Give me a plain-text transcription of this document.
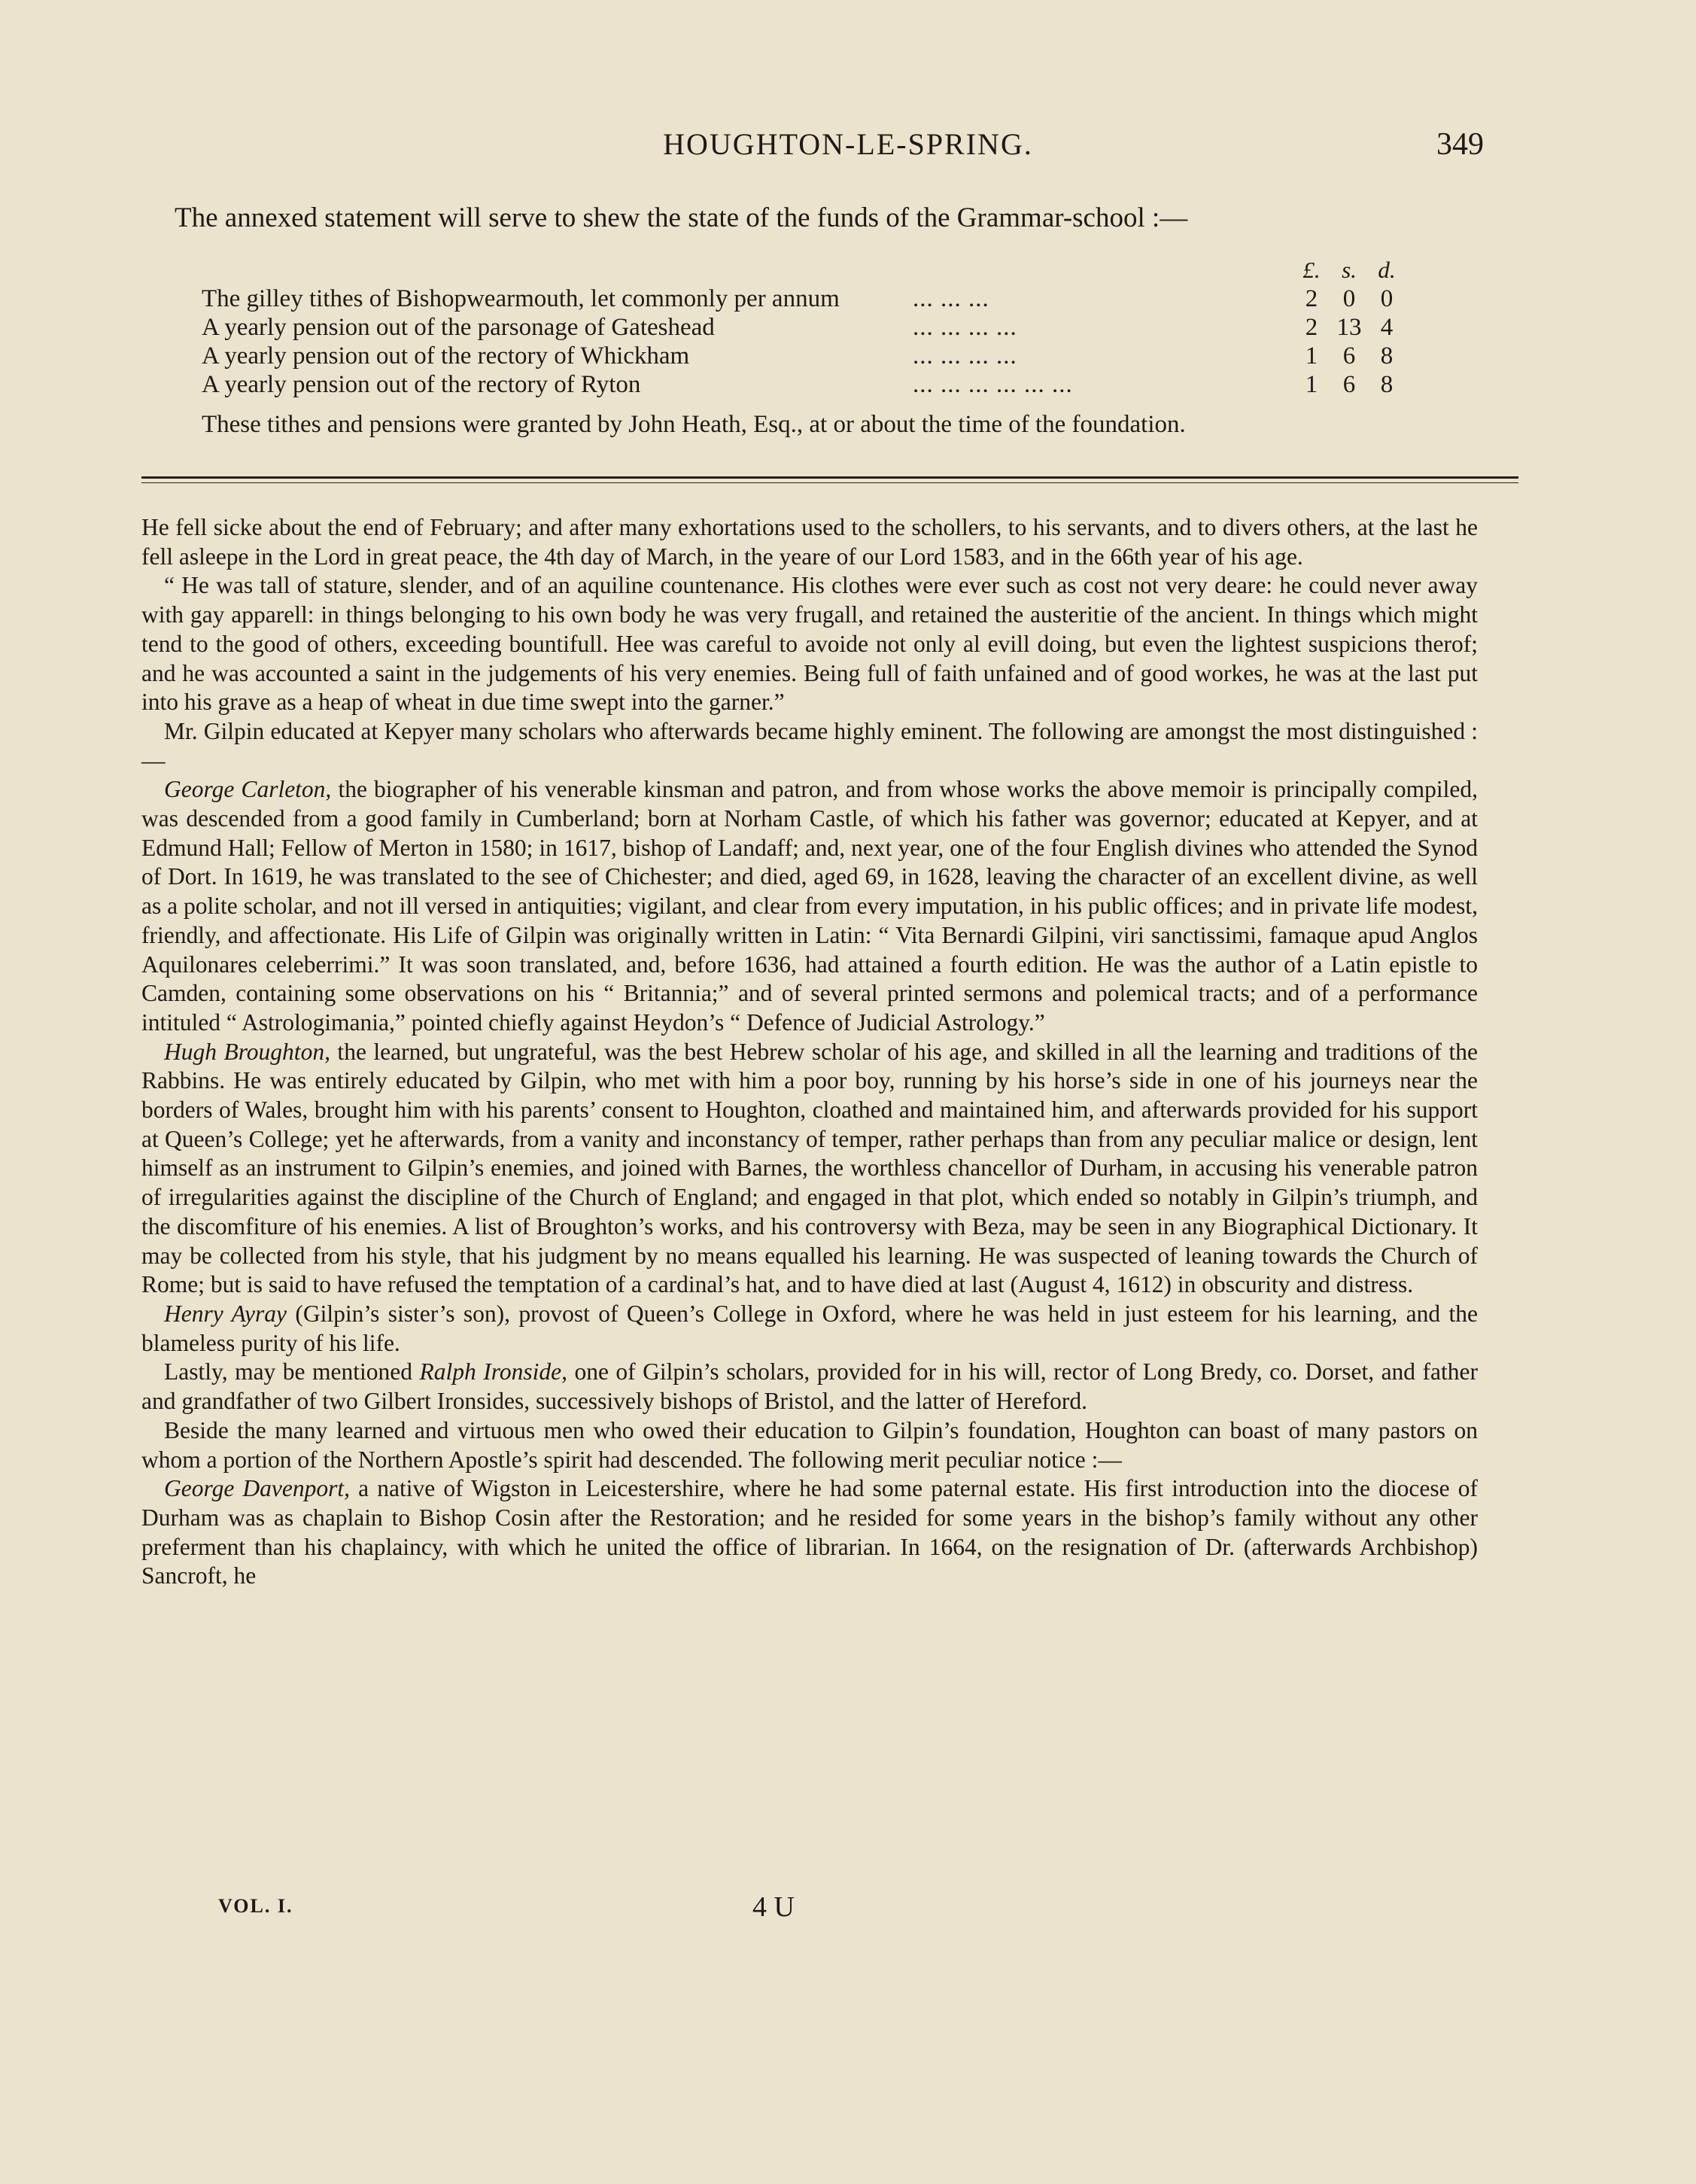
HOUGHTON-LE-SPRING.	349
The annexed statement will serve to shew the state of the funds of the Grammar-school :—
£. s. d.
The gilley tithes of Bishopwearmouth, let commonly per annum	... ... ...	2	0	0
A yearly pension out of the parsonage of Gateshead	... ... ... ...	2 13 4
A yearly pension out of the rectory of Whickham	... ... ... ...	1	6	8
A yearly pension out of the rectory of Ryton	... ... ... ... ... ...	1	6	8
These tithes and pensions were granted by John Heath, Esq., at or about the time of the foundation.

He fell sicke about the end of February; and after many exhortations used to the schollers, to his servants, and to divers others, at the last he fell asleepe in the Lord in great peace, the 4th day of March, in the yeare of our Lord 1583, and in the 66th year of his age.

“ He was tall of stature, slender, and of an aquiline countenance. His clothes were ever such as cost not very deare: he could never away with gay apparell: in things belonging to his own body he was very frugall, and retained the austeritie of the ancient. In things which might tend to the good of others, exceeding bountifull. Hee was careful to avoide not only al evill doing, but even the lightest suspicions therof; and he was accounted a saint in the judgements of his very enemies. Being full of faith unfained and of good workes, he was at the last put into his grave as a heap of wheat in due time swept into the garner.”

Mr. Gilpin educated at Kepyer many scholars who afterwards became highly eminent. The following are amongst the most distinguished :—

George Carleton, the biographer of his venerable kinsman and patron, and from whose works the above memoir is principally compiled, was descended from a good family in Cumberland; born at Norham Castle, of which his father was governor; educated at Kepyer, and at Edmund Hall; Fellow of Merton in 1580; in 1617, bishop of Landaff; and, next year, one of the four English divines who attended the Synod of Dort. In 1619, he was translated to the see of Chichester; and died, aged 69, in 1628, leaving the character of an excellent divine, as well as a polite scholar, and not ill versed in antiquities; vigilant, and clear from every imputation, in his public offices; and in private life modest, friendly, and affectionate. His Life of Gilpin was originally written in Latin: “ Vita Bernardi Gilpini, viri sanctissimi, famaque apud Anglos Aquilonares celeberrimi.” It was soon translated, and, before 1636, had attained a fourth edition. He was the author of a Latin epistle to Camden, containing some observations on his “ Britannia;” and of several printed sermons and polemical tracts; and of a performance intituled “ Astrologimania,” pointed chiefly against Heydon’s “ Defence of Judicial Astrology.”

Hugh Broughton, the learned, but ungrateful, was the best Hebrew scholar of his age, and skilled in all the learning and traditions of the Rabbins. He was entirely educated by Gilpin, who met with him a poor boy, running by his horse’s side in one of his journeys near the borders of Wales, brought him with his parents’ consent to Houghton, cloathed and maintained him, and afterwards provided for his support at Queen’s College; yet he afterwards, from a vanity and inconstancy of temper, rather perhaps than from any peculiar malice or design, lent himself as an instrument to Gilpin’s enemies, and joined with Barnes, the worthless chancellor of Durham, in accusing his venerable patron of irregularities against the discipline of the Church of England; and engaged in that plot, which ended so notably in Gilpin’s triumph, and the discomfiture of his enemies. A list of Broughton’s works, and his controversy with Beza, may be seen in any Biographical Dictionary. It may be collected from his style, that his judgment by no means equalled his learning. He was suspected of leaning towards the Church of Rome; but is said to have refused the temptation of a cardinal’s hat, and to have died at last (August 4, 1612) in obscurity and distress.

Henry Ayray (Gilpin’s sister’s son), provost of Queen’s College in Oxford, where he was held in just esteem for his learning, and the blameless purity of his life.

Lastly, may be mentioned Ralph Ironside, one of Gilpin’s scholars, provided for in his will, rector of Long Bredy, co. Dorset, and father and grandfather of two Gilbert Ironsides, successively bishops of Bristol, and the latter of Hereford.

Beside the many learned and virtuous men who owed their education to Gilpin’s foundation, Houghton can boast of many pastors on whom a portion of the Northern Apostle’s spirit had descended. The following merit peculiar notice :—

George Davenport, a native of Wigston in Leicestershire, where he had some paternal estate. His first introduction into the diocese of Durham was as chaplain to Bishop Cosin after the Restoration; and he resided for some years in the bishop’s family without any other preferment than his chaplaincy, with which he united the office of librarian. In 1664, on the resignation of Dr. (afterwards Archbishop) Sancroft, he

VOL. I.	4 U
